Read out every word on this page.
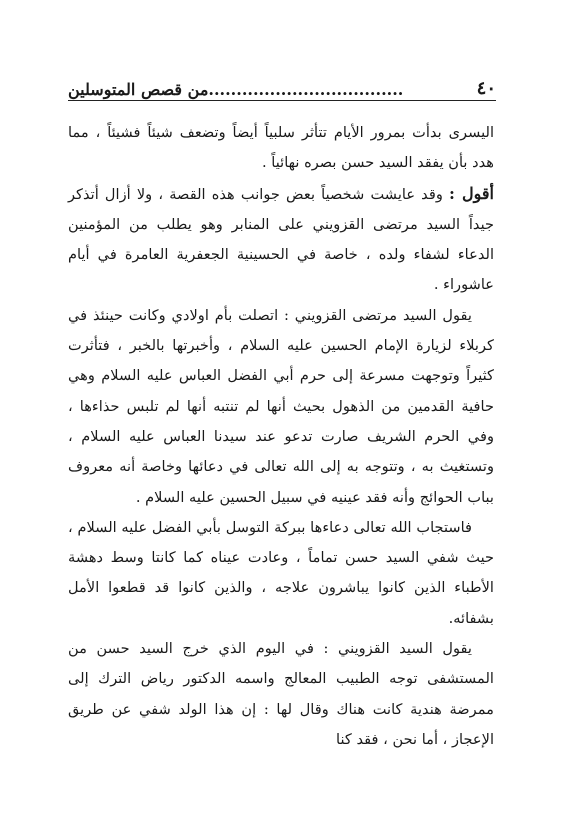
٤٠
...................................من قصص المتوسلين

اليسرى بدأت بمرور الأيام تتأثر سلبياً أيضاً وتضعف شيئاً فشيئاً ، مما هدد بأن يفقد السيد حسن بصره نهائياً .

أقول : وقد عايشت شخصياً بعض جوانب هذه القصة ، ولا أزال أتذكر جيداً السيد مرتضى القزويني على المنابر وهو يطلب من المؤمنين الدعاء لشفاء ولده ، خاصة في الحسينية الجعفرية العامرة في أيام عاشوراء .

يقول السيد مرتضى القزويني : اتصلت بأم اولادي وكانت حينئذ في كربلاء لزيارة الإمام الحسين عليه السلام ، وأخبرتها بالخبر ، فتأثرت كثيراً وتوجهت مسرعة إلى حرم أبي الفضل العباس عليه السلام وهي حافية القدمين من الذهول بحيث أنها لم تنتبه أنها لم تلبس حذاءها ، وفي الحرم الشريف صارت تدعو عند سيدنا العباس عليه السلام ، وتستغيث به ، وتتوجه به إلى الله تعالى في دعائها وخاصة أنه معروف بباب الحوائج وأنه فقد عينيه في سبيل الحسين عليه السلام .

فاستجاب الله تعالى دعاءها ببركة التوسل بأبي الفضل عليه السلام ، حيث شفي السيد حسن تماماً ، وعادت عيناه كما كانتا وسط دهشة الأطباء الذين كانوا يباشرون علاجه ، والذين كانوا قد قطعوا الأمل بشفائه.

يقول السيد القزويني : في اليوم الذي خرج السيد حسن من المستشفى توجه الطبيب المعالج واسمه الدكتور رياض الترك إلى ممرضة هندية كانت هناك وقال لها : إن هذا الولد شفي عن طريق الإعجاز ، أما نحن ، فقد كنا
